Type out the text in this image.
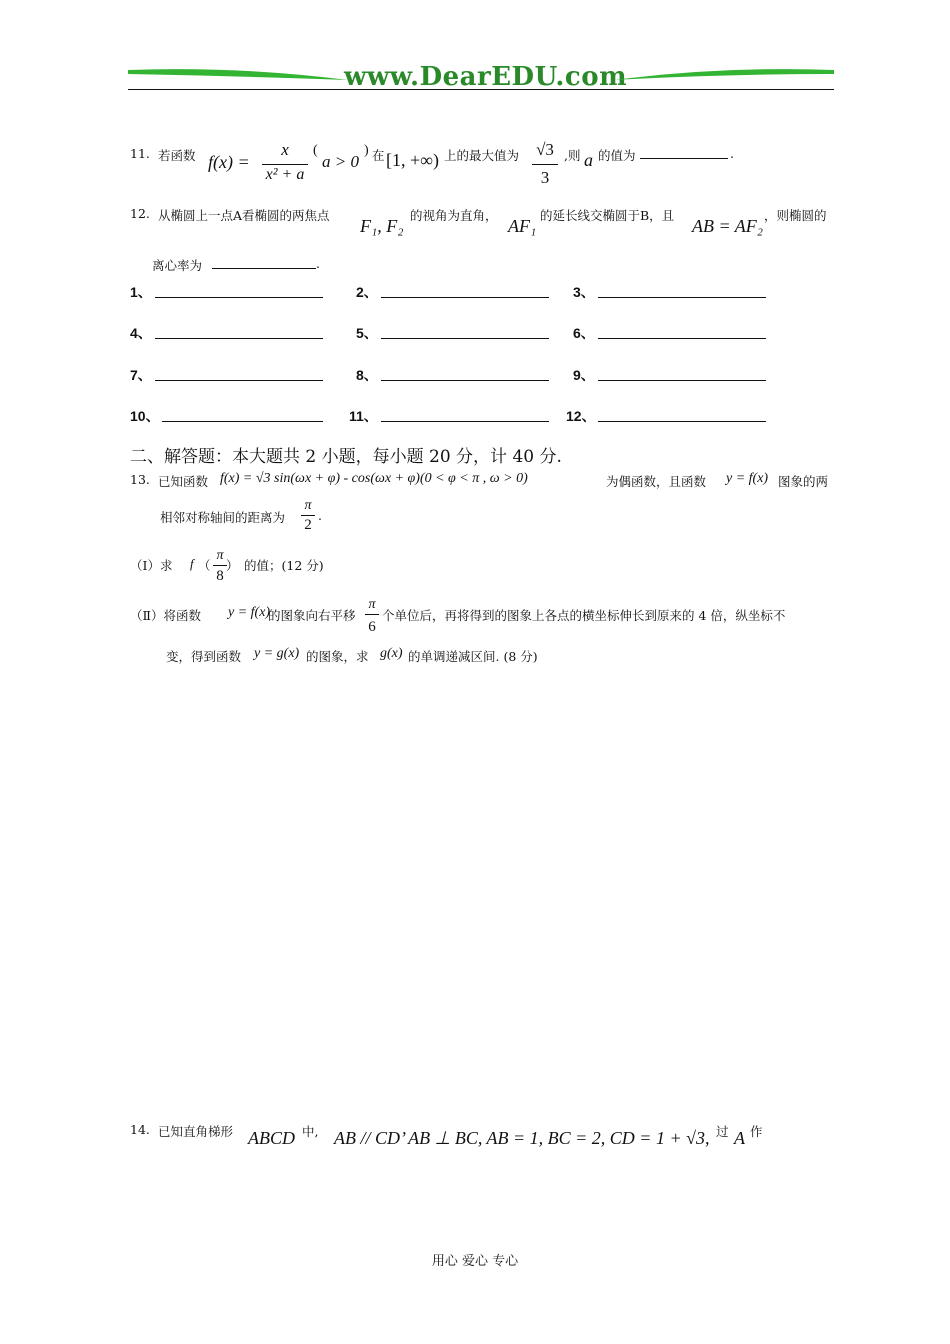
www.DearEDU.com
11. 若函数 f(x) =
x
x² + a
(
a > 0
) 在 [1, +∞) 上的最大值为	√3
3
,则 a 的值为	.
12. 从椭圆上一点A看椭圆的两焦点
F₁, F₂
的视角为直角，
AF₁
的延长线交椭圆于B，且
AB = AF₂
，则椭圆的
离心率为	.
1、	2、	3、
4、	5、	6、
7、	8、	9、
10、	11、	12、
二、解答题：本大题共 2 小题，每小题 20 分，计 40 分.
13. 已知函数 f(x) = √3 sin(ωx + φ) - cos(ωx + φ)(0 < φ < π , ω > 0)	为偶函数，且函数 y = f(x) 图象的两
相邻对称轴间的距离为
π
2
.
（Ⅰ）求 f （
π
8
） 的值；(12 分)
（Ⅱ）将函数 y = f(x)
的图象向右平移
π
6
个单位后，再将得到的图象上各点的横坐标伸长到原来的 4 倍，纵坐标不
变，得到函数 y = g(x) 的图象，求 g(x) 的单调递减区间. (8 分)
14. 已知直角梯形 ABCD 中, AB // CD’ AB ⊥ BC, AB = 1, BC = 2, CD = 1 + √3, 过 A 作
用心 爱心 专心
